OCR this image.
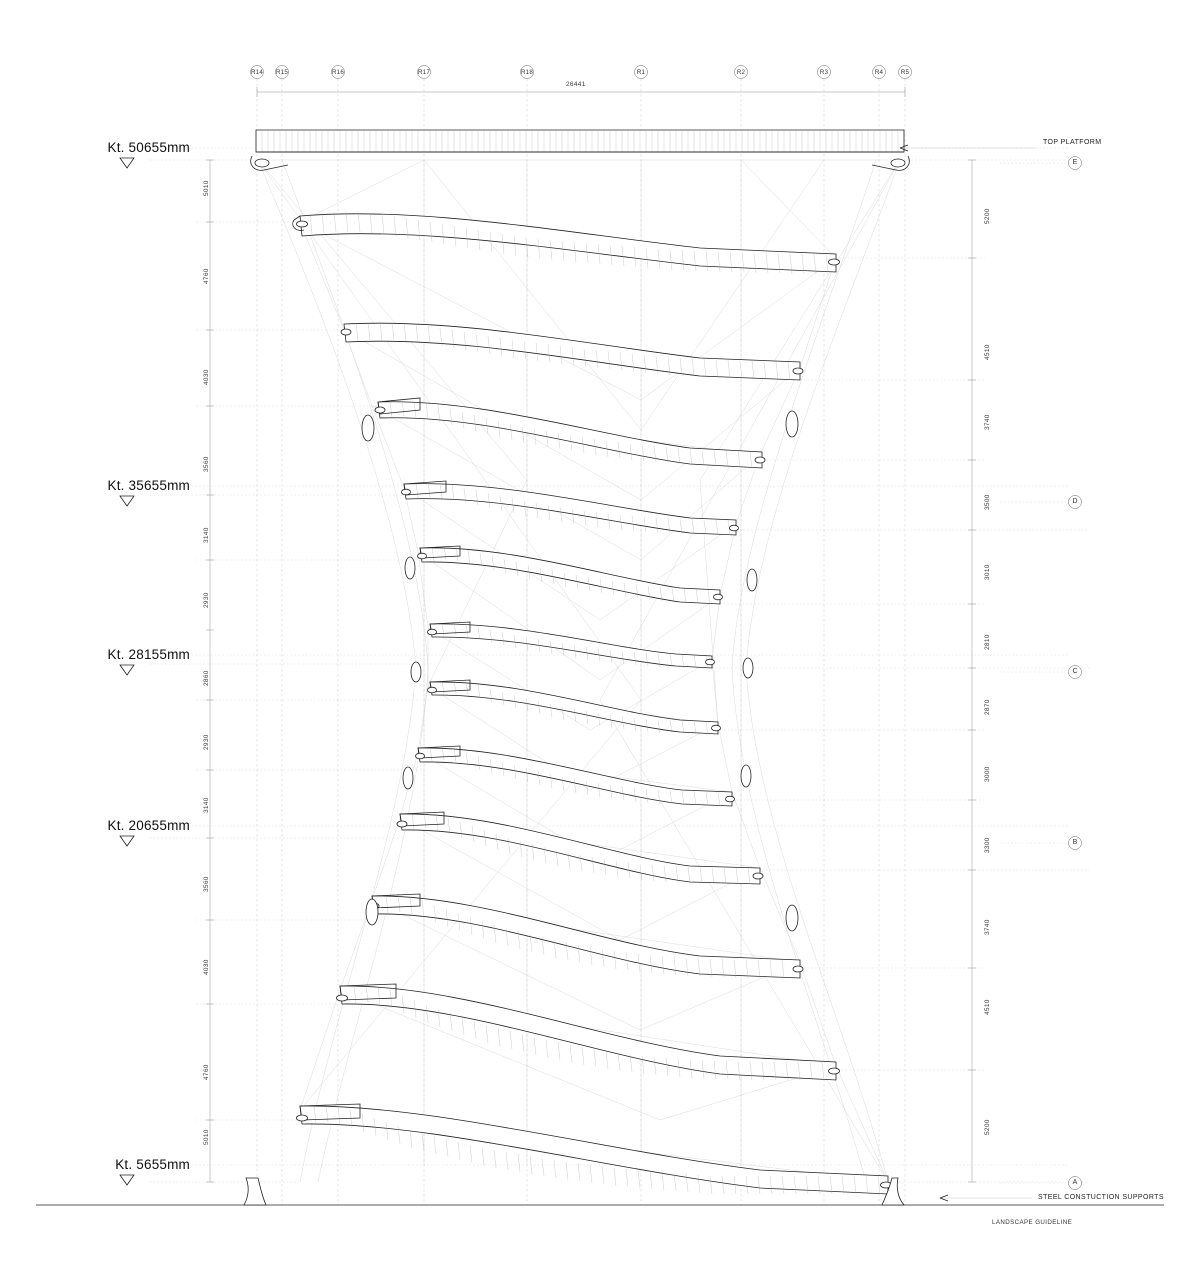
Kt. 50655mm
Kt. 35655mm
Kt. 28155mm
Kt. 20655mm
Kt. 5655mm
R14	R15	R16	R17	R18	R1	R2	R3	R4	R5
26441
E
D
C
B
A
5010
4760
4030
3560
3140
2930
2860
2930
3140
3560
4030
4760
5010
5200
4510
3740
3500
3010
2810
2870
3000
3300
3740
4510
5200
TOP PLATFORM
STEEL CONSTUCTION SUPPORTS
LANDSCAPE GUIDELINE
